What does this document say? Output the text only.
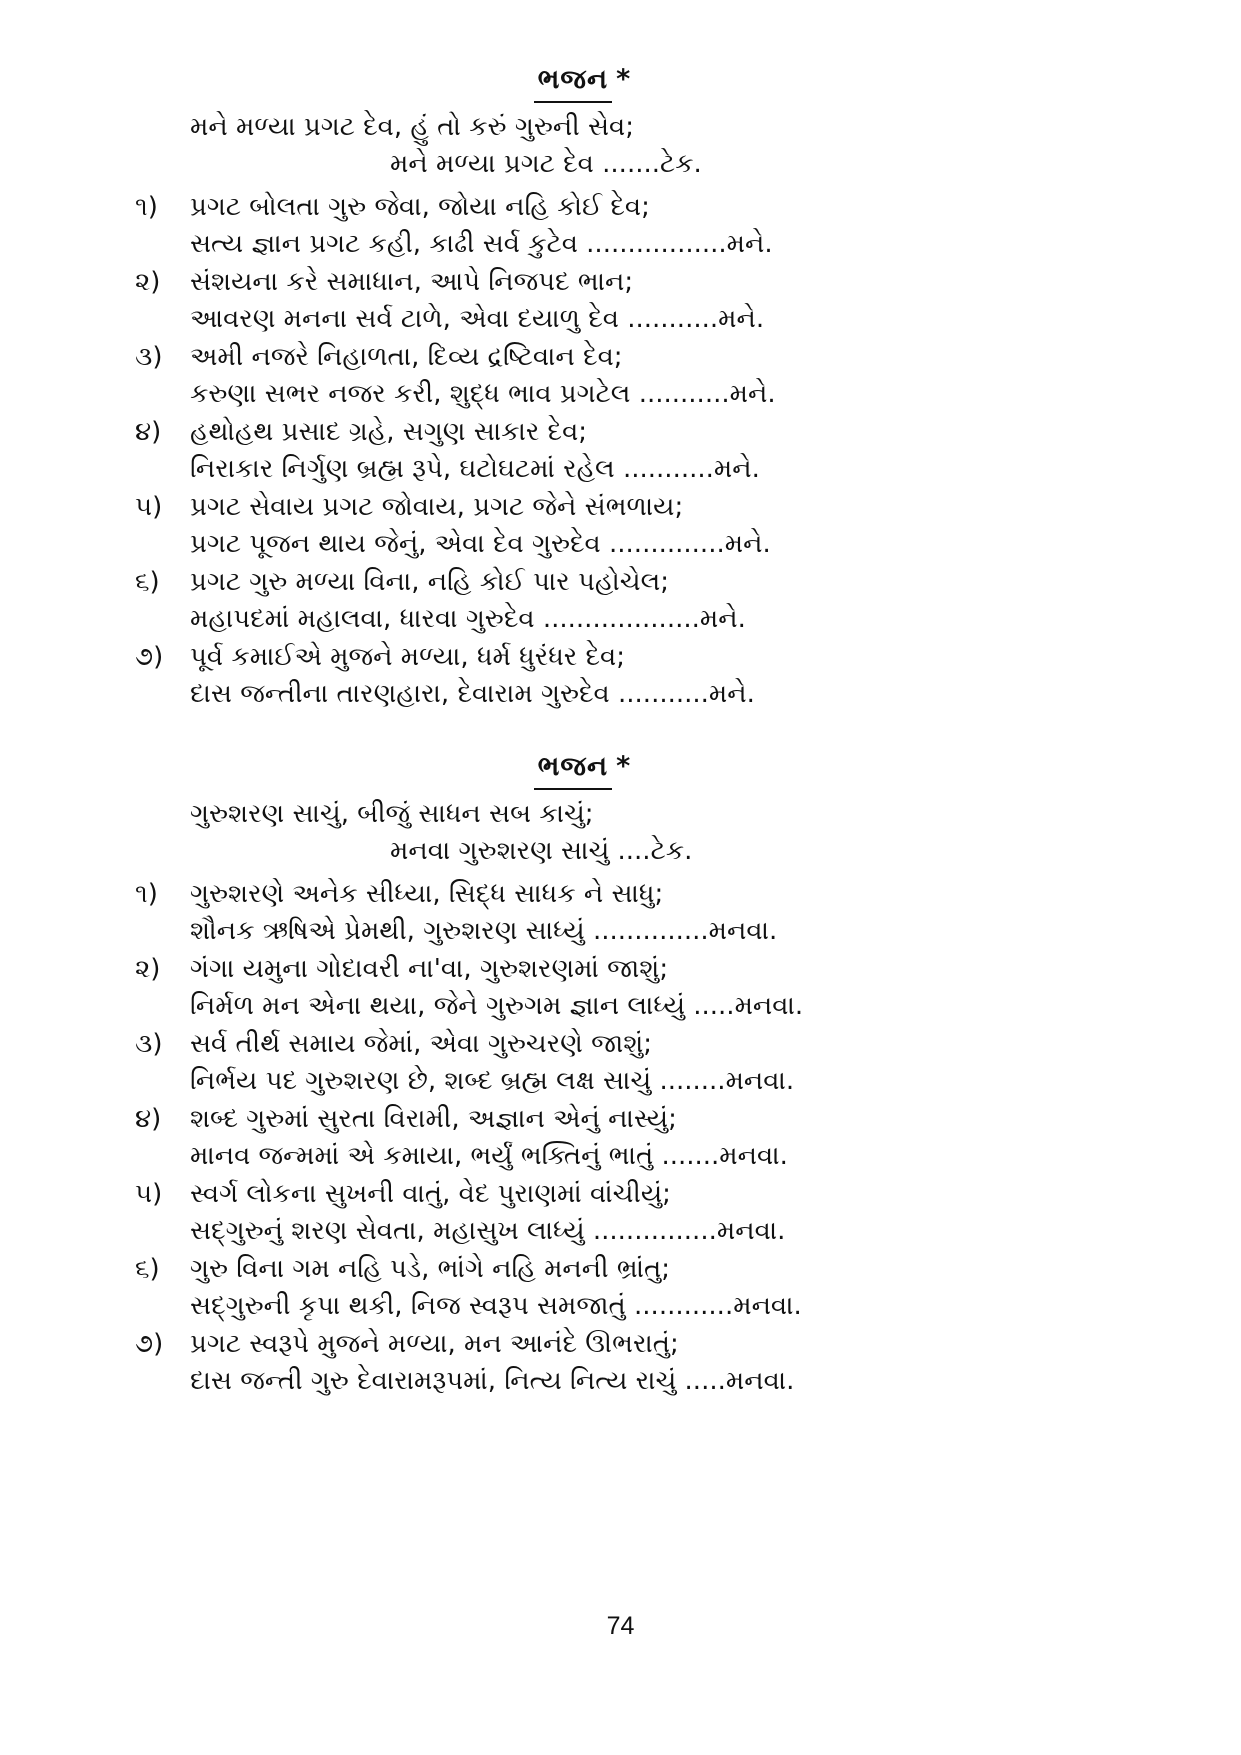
ભજન *
મને મળ્યા પ્રગટ દેવ, હું તો કરું ગુરુની સેવ;
મને મળ્યા પ્રગટ દેવ .......ટેક.
૧)	પ્રગટ બોલતા ગુરુ જેવા, જોયા નહિ કોઈ દેવ;
સત્ય જ્ઞાન પ્રગટ કહી, કાઢી સર્વ કુટેવ .................મને.
૨)	સંશયના કરે સમાધાન, આપે નિજપદ ભાન;
આવરણ મનના સર્વ ટાળે, એવા દયાળુ દેવ ...........મને.
૩)	અમી નજરે નિહાળતા, દિવ્ય દ્રષ્ટિવાન દેવ;
કરુણા સભર નજર કરી, શુદ્ધ ભાવ પ્રગટેલ ...........મને.
૪)	હથોહથ પ્રસાદ ગ્રહે, સગુણ સાકાર દેવ;
નિરાકાર નિર્ગુણ બ્રહ્મ રૂપે, ઘટોઘટમાં રહેલ ...........મને.
૫)	પ્રગટ સેવાય પ્રગટ જોવાય, પ્રગટ જેને સંભળાય;
પ્રગટ પૂજન થાય જેનું, એવા દેવ ગુરુદેવ ..............મને.
૬)	પ્રગટ ગુરુ મળ્યા વિના, નહિ કોઈ પાર પહોચેલ;
મહાપદમાં મહાલવા, ધારવા ગુરુદેવ ...................મને.
૭)	પૂર્વ કમાઈએ મુજને મળ્યા, ધર્મ ધુરંધર દેવ;
દાસ જન્તીના તારણહારા, દેવારામ ગુરુદેવ ...........મને.
ભજન *
ગુરુશરણ સાચું, બીજું સાધન સબ કાચું;
મનવા ગુરુશરણ સાચું ....ટેક.
૧)	ગુરુશરણે અનેક સીધ્યા, સિદ્ધ સાધક ને સાધુ;
શૌનક ઋષિએ પ્રેમથી, ગુરુશરણ સાધ્યું ..............મનવા.
૨)	ગંગા યમુના ગોદાવરી ના'વા, ગુરુશરણમાં જાશું;
નિર્મળ મન એના થયા, જેને ગુરુગમ જ્ઞાન લાધ્યું .....મનવા.
૩)	સર્વ તીર્થ સમાય જેમાં, એવા ગુરુચરણે જાશું;
નિર્ભય પદ ગુરુશરણ છે, શબ્દ બ્રહ્મ લક્ષ સાચું ........મનવા.
૪)	શબ્દ ગુરુમાં સુરતા વિરામી, અજ્ઞાન એનું નાસ્યું;
માનવ જન્મમાં એ કમાયા, ભર્યું ભક્તિનું ભાતું .......મનવા.
૫)	સ્વર્ગ લોકના સુખની વાતું, વેદ પુરાણમાં વાંચીયું;
સદ્ગુરુનું શરણ સેવતા, મહાસુખ લાધ્યું ...............મનવા.
૬)	ગુરુ વિના ગમ નહિ પડે, ભાંગે નહિ મનની ભ્રાંતુ;
સદ્ગુરુની કૃપા થકી, નિજ સ્વરૂપ સમજાતું ............મનવા.
૭)	પ્રગટ સ્વરૂપે મુજને મળ્યા, મન આનંદે ઊભરાતું;
દાસ જન્તી ગુરુ દેવારામરૂપમાં, નિત્ય નિત્ય રાચું .....મનવા.
74
